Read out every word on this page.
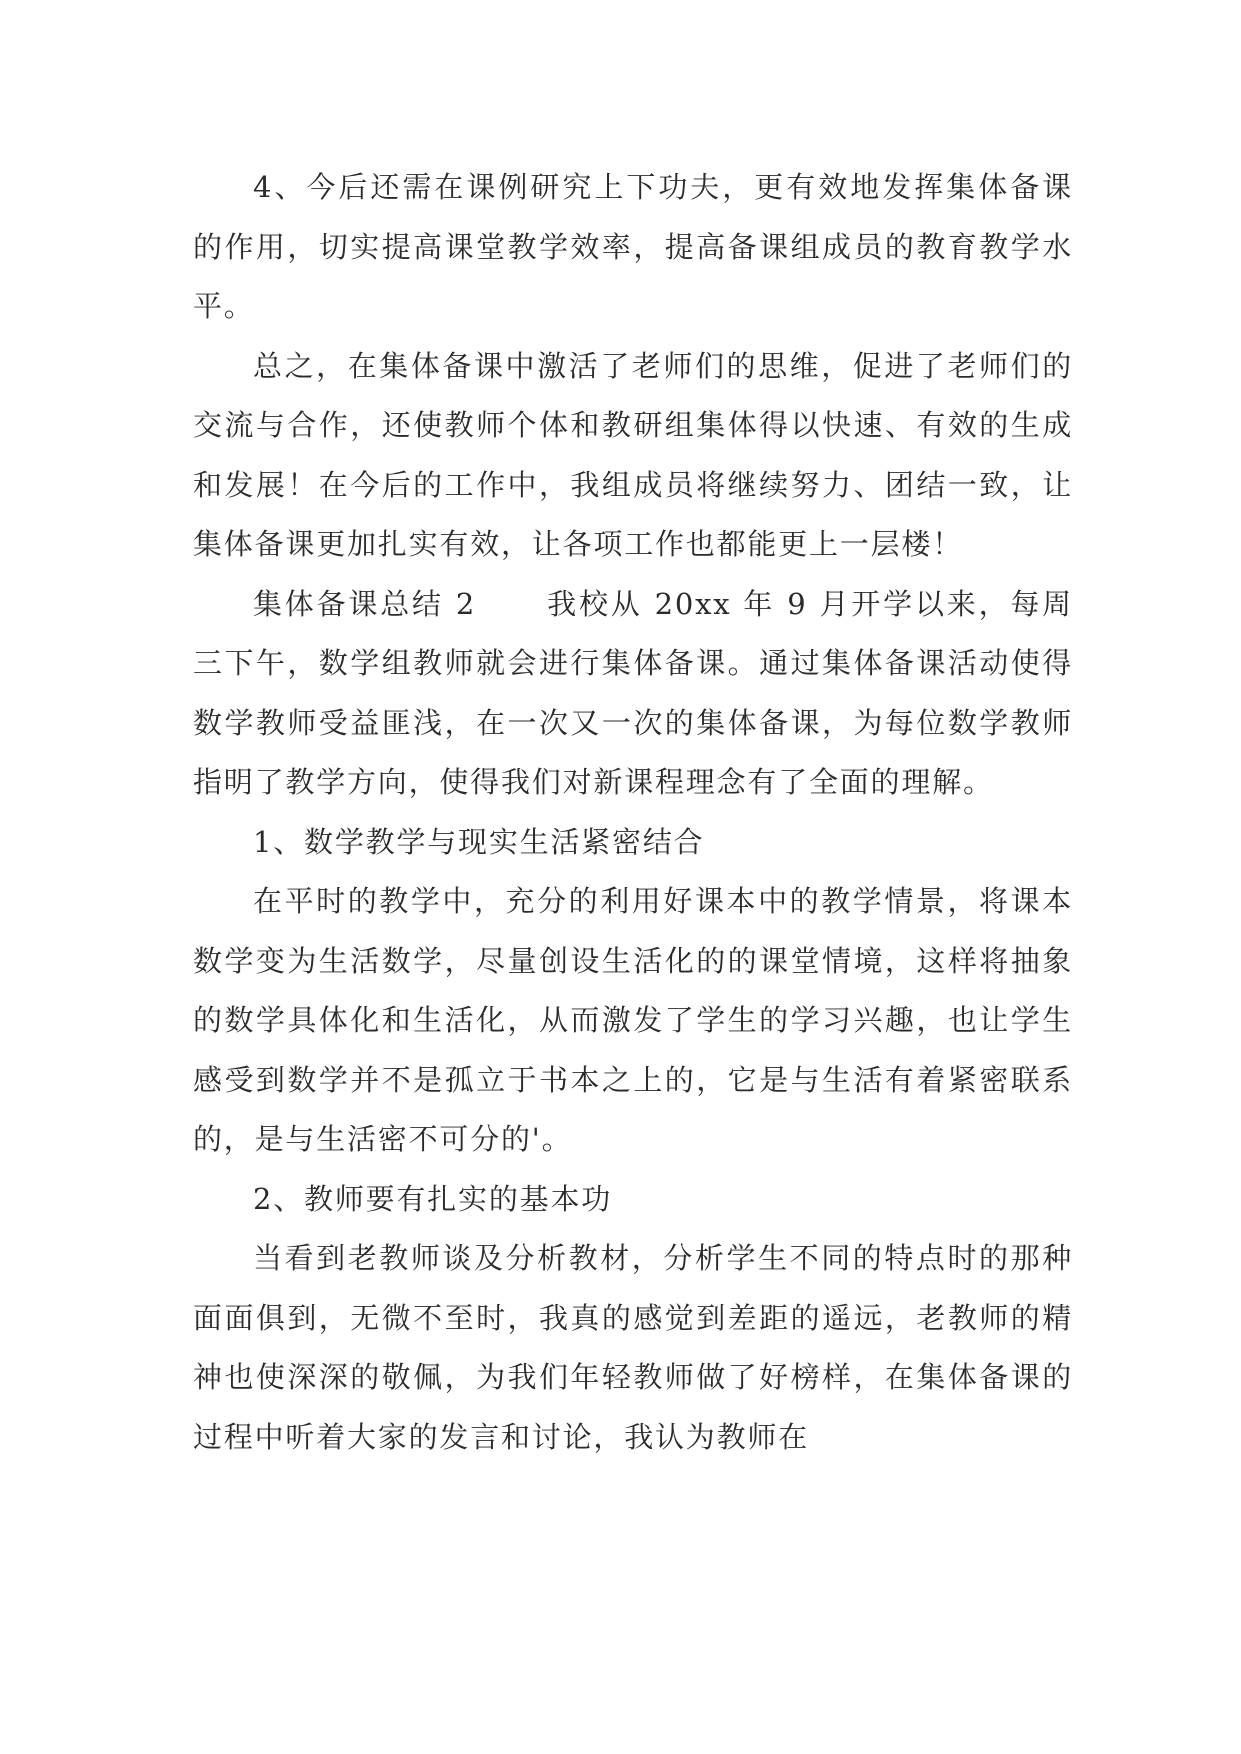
4、今后还需在课例研究上下功夫，更有效地发挥集体备课的作用，切实提高课堂教学效率，提高备课组成员的教育教学水平。

总之，在集体备课中激活了老师们的思维，促进了老师们的交流与合作，还使教师个体和教研组集体得以快速、有效的生成和发展！在今后的工作中，我组成员将继续努力、团结一致，让集体备课更加扎实有效，让各项工作也都能更上一层楼！

集体备课总结 2 我校从 20xx 年 9 月开学以来，每周三下午，数学组教师就会进行集体备课。通过集体备课活动使得数学教师受益匪浅，在一次又一次的集体备课，为每位数学教师指明了教学方向，使得我们对新课程理念有了全面的理解。

1、数学教学与现实生活紧密结合

在平时的教学中，充分的利用好课本中的教学情景，将课本数学变为生活数学，尽量创设生活化的的课堂情境，这样将抽象的数学具体化和生活化，从而激发了学生的学习兴趣，也让学生感受到数学并不是孤立于书本之上的，它是与生活有着紧密联系的，是与生活密不可分的'。

2、教师要有扎实的基本功

当看到老教师谈及分析教材，分析学生不同的特点时的那种面面俱到，无微不至时，我真的感觉到差距的遥远，老教师的精神也使深深的敬佩，为我们年轻教师做了好榜样，在集体备课的过程中听着大家的发言和讨论，我认为教师在
